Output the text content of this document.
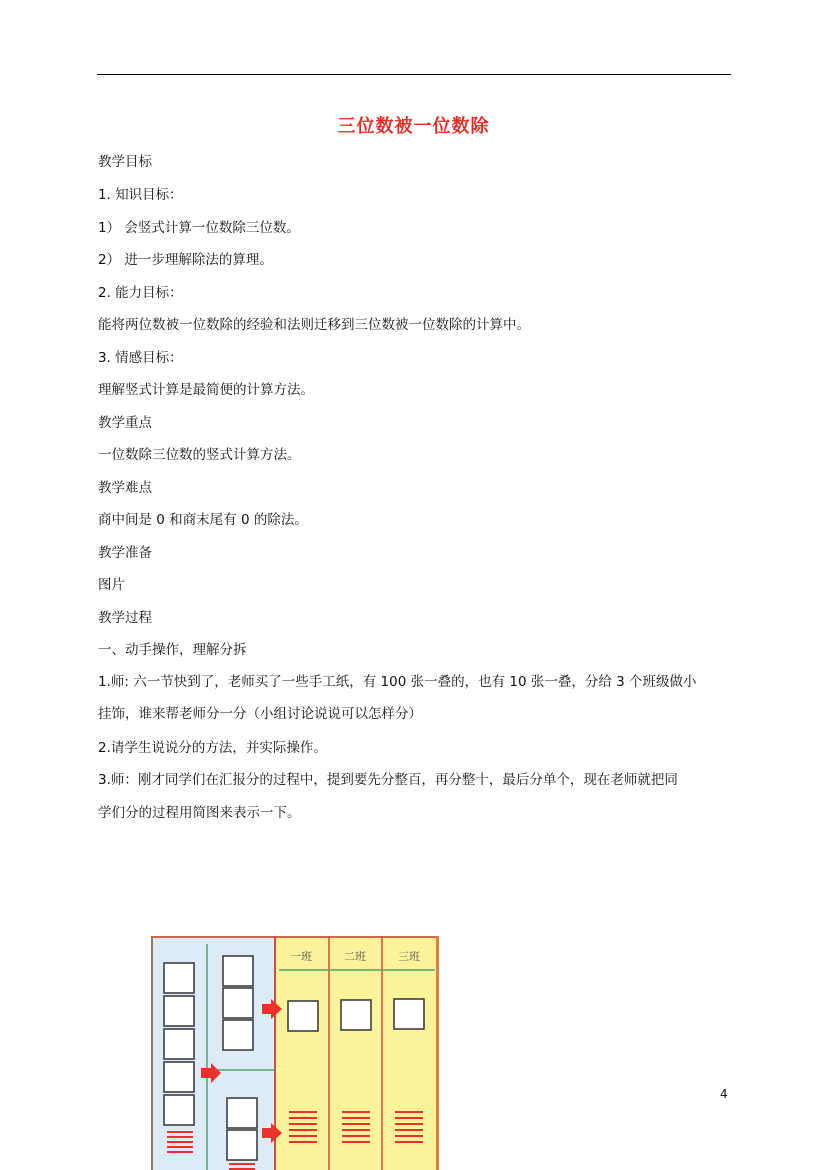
三位数被一位数除
教学目标
1. 知识目标：
1） 会竖式计算一位数除三位数。
2） 进一步理解除法的算理。
2. 能力目标：
能将两位数被一位数除的经验和法则迁移到三位数被一位数除的计算中。
3. 情感目标：
理解竖式计算是最简便的计算方法。
教学重点
一位数除三位数的竖式计算方法。
教学难点
商中间是 0 和商末尾有 0 的除法。
教学准备
图片
教学过程
一、动手操作，理解分拆
1.师: 六一节快到了，老师买了一些手工纸，有 100 张一叠的，也有 10 张一叠，分给 3 个班级做小
挂饰，谁来帮老师分一分（小组讨论说说可以怎样分）
2.请学生说说分的方法，并实际操作。
3.师：刚才同学们在汇报分的过程中，提到要先分整百，再分整十，最后分单个，现在老师就把同
学们分的过程用简图来表示一下。
一班	二班	三班
4
